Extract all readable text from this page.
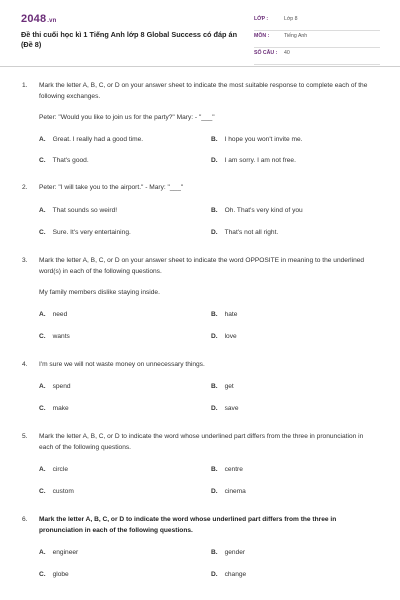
2048.vn
Đề thi cuối học kì 1 Tiếng Anh lớp 8 Global Success có đáp án (Đề 8)
LỚP :	Lớp 8
MÔN :	Tiếng Anh
SỐ CÂU : 40
1. Mark the letter A, B, C, or D on your answer sheet to indicate the most suitable response to complete each of the following exchanges.
Peter: "Would you like to join us for the party?" Mary: - "___"
A. Great. I really had a good time.	B. I hope you won't invite me.
C. That's good.	D. I am sorry. I am not free.
2. Peter: "I will take you to the airport." - Mary: "___"
A. That sounds so weird!	B. Oh. That's very kind of you
C. Sure. It's very entertaining.	D. That's not all right.
3. Mark the letter A, B, C, or D on your answer sheet to indicate the word OPPOSITE in meaning to the underlined word(s) in each of the following questions.
My family members dislike staying inside.
A. need	B. hate
C. wants	D. love
4. I'm sure we will not waste money on unnecessary things.
A. spend	B. get
C. make	D. save
5. Mark the letter A, B, C, or D to indicate the word whose underlined part differs from the three in pronunciation in each of the following questions.
A. circle	B. centre
C. custom	D. cinema
6. Mark the letter A, B, C, or D to indicate the word whose underlined part differs from the three in pronunciation in each of the following questions.
A. engineer	B. gender
C. globe	D. change
